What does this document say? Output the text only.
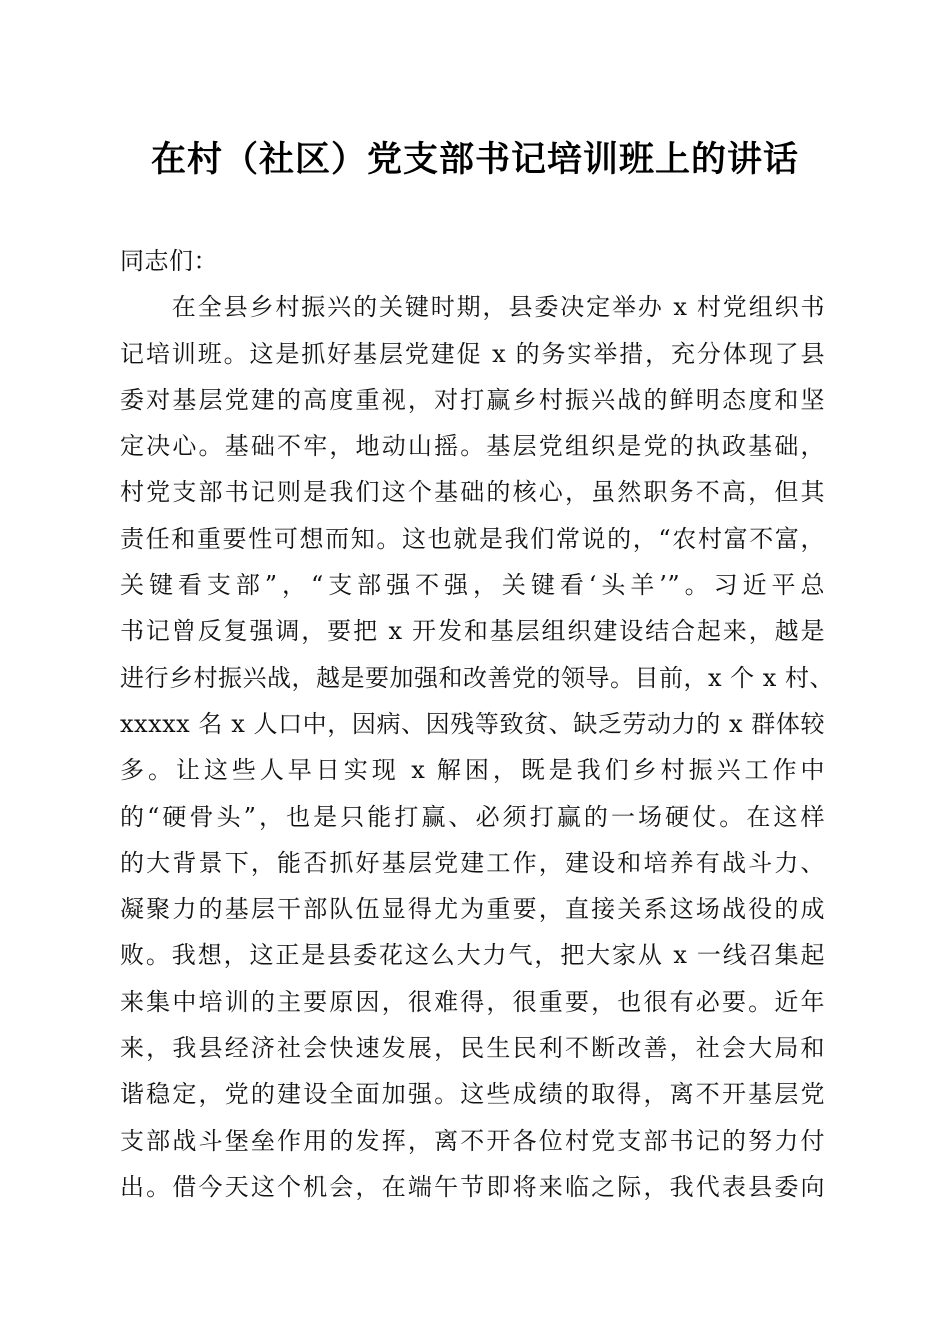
在村（社区）党支部书记培训班上的讲话
同志们：
　　在全县乡村振兴的关键时期，县委决定举办 x 村党组织书
记培训班。这是抓好基层党建促 x 的务实举措，充分体现了县
委对基层党建的高度重视，对打赢乡村振兴战的鲜明态度和坚
定决心。基础不牢，地动山摇。基层党组织是党的执政基础，
村党支部书记则是我们这个基础的核心，虽然职务不高，但其
责任和重要性可想而知。这也就是我们常说的，“农村富不富，
关键看支部”，“支部强不强，关键看‘头羊’”。习近平总
书记曾反复强调，要把 x 开发和基层组织建设结合起来，越是
进行乡村振兴战，越是要加强和改善党的领导。目前，x 个 x 村、
xxxxx 名 x 人口中，因病、因残等致贫、缺乏劳动力的 x 群体较
多。让这些人早日实现 x 解困，既是我们乡村振兴工作中
的“硬骨头”，也是只能打赢、必须打赢的一场硬仗。在这样
的大背景下，能否抓好基层党建工作，建设和培养有战斗力、
凝聚力的基层干部队伍显得尤为重要，直接关系这场战役的成
败。我想，这正是县委花这么大力气，把大家从 x 一线召集起
来集中培训的主要原因，很难得，很重要，也很有必要。近年
来，我县经济社会快速发展，民生民利不断改善，社会大局和
谐稳定，党的建设全面加强。这些成绩的取得，离不开基层党
支部战斗堡垒作用的发挥，离不开各位村党支部书记的努力付
出。借今天这个机会，在端午节即将来临之际，我代表县委向
